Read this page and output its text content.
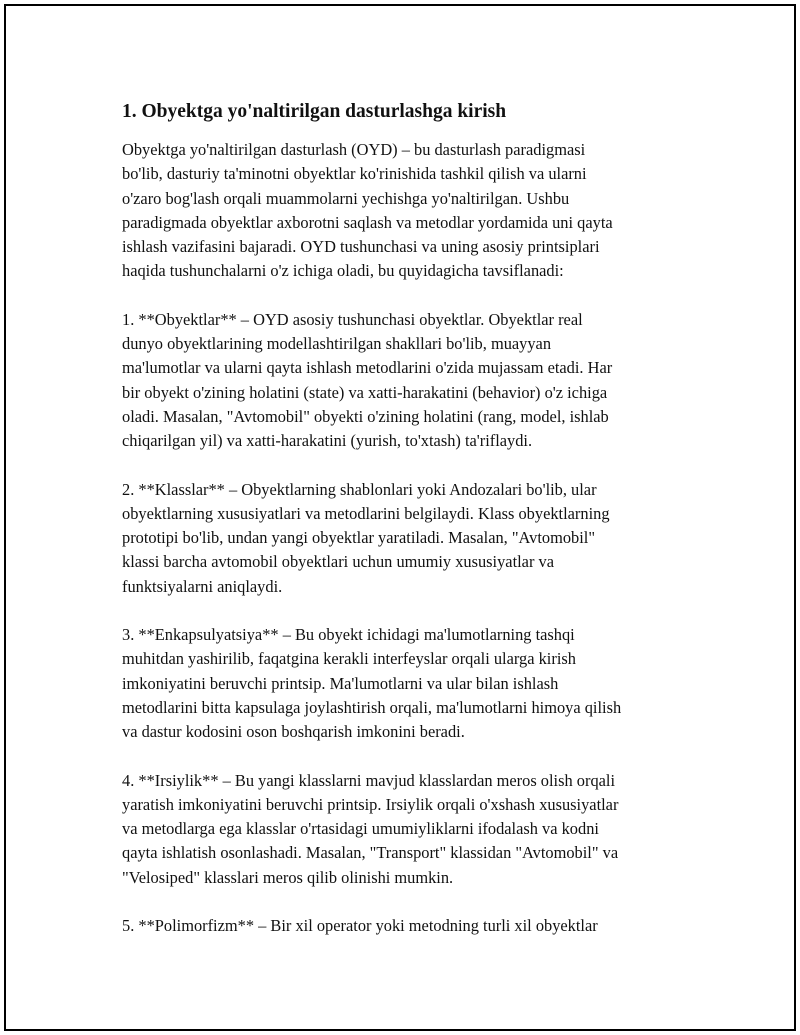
1. Obyektga yo'naltirilgan dasturlashga kirish

Obyektga yo'naltirilgan dasturlash (OYD) – bu dasturlash paradigmasi
bo'lib, dasturiy ta'minotni obyektlar ko'rinishida tashkil qilish va ularni
o'zaro bog'lash orqali muammolarni yechishga yo'naltirilgan. Ushbu
paradigmada obyektlar axborotni saqlash va metodlar yordamida uni qayta
ishlash vazifasini bajaradi. OYD tushunchasi va uning asosiy printsiplari
haqida tushunchalarni o'z ichiga oladi, bu quyidagicha tavsiflanadi:

1. **Obyektlar** – OYD asosiy tushunchasi obyektlar. Obyektlar real
dunyo obyektlarining modellashtirilgan shakllari bo'lib, muayyan
ma'lumotlar va ularni qayta ishlash metodlarini o'zida mujassam etadi. Har
bir obyekt o'zining holatini (state) va xatti-harakatini (behavior) o'z ichiga
oladi. Masalan, "Avtomobil" obyekti o'zining holatini (rang, model, ishlab
chiqarilgan yil) va xatti-harakatini (yurish, to'xtash) ta'riflaydi.

2. **Klasslar** – Obyektlarning shablonlari yoki Andozalari bo'lib, ular
obyektlarning xususiyatlari va metodlarini belgilaydi. Klass obyektlarning
prototipi bo'lib, undan yangi obyektlar yaratiladi. Masalan, "Avtomobil"
klassi barcha avtomobil obyektlari uchun umumiy xususiyatlar va
funktsiyalarni aniqlaydi.

3. **Enkapsulyatsiya** – Bu obyekt ichidagi ma'lumotlarning tashqi
muhitdan yashirilib, faqatgina kerakli interfeyslar orqali ularga kirish
imkoniyatini beruvchi printsip. Ma'lumotlarni va ular bilan ishlash
metodlarini bitta kapsulaga joylashtirish orqali, ma'lumotlarni himoya qilish
va dastur kodosini oson boshqarish imkonini beradi.

4. **Irsiylik** – Bu yangi klasslarni mavjud klasslardan meros olish orqali
yaratish imkoniyatini beruvchi printsip. Irsiylik orqali o'xshash xususiyatlar
va metodlarga ega klasslar o'rtasidagi umumiyliklarni ifodalash va kodni
qayta ishlatish osonlashadi. Masalan, "Transport" klassidan "Avtomobil" va
"Velosiped" klasslari meros qilib olinishi mumkin.

5. **Polimorfizm** – Bir xil operator yoki metodning turli xil obyektlar
